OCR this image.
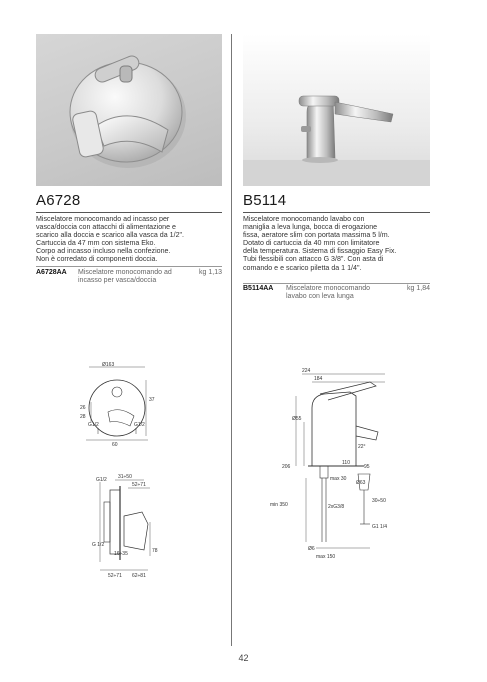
A6728
Miscelatore monocomando ad incasso per
vasca/doccia con attacchi di alimentazione e
scarico alla doccia e scarico alla vasca da 1/2".
Cartuccia da 47 mm con sistema Eko.
Corpo ad incasso incluso nella confezione.
Non è corredato di componenti doccia.
A6728AA Miscelatore monocomando ad
incasso per vasca/doccia
kg 1,13
Ø163
37
26
28
G1/2	G1/2
60
G1/2 31÷50
52÷71
G 1/2
16÷35	78
52÷71 62÷81
B5114
Miscelatore monocomando lavabo con
maniglia a leva lunga, bocca di erogazione
fissa, aeratore slim con portata massima 5 l/m.
Dotato di cartuccia da 40 mm con limitatore
della temperatura. Sistema di fissaggio Easy Fix.
Tubi flessibili con attacco G 3/8". Con asta di
comando e e scarico piletta da 1 1/4".
B5114AA Miscelatore monocomando
lavabo con leva lunga
kg 1,84
224
184
22°
Ø55
206
110
95
max 30
Ø63
30÷50
min 350	2xG3/8
G1 1/4
Ø6
max 150
42
